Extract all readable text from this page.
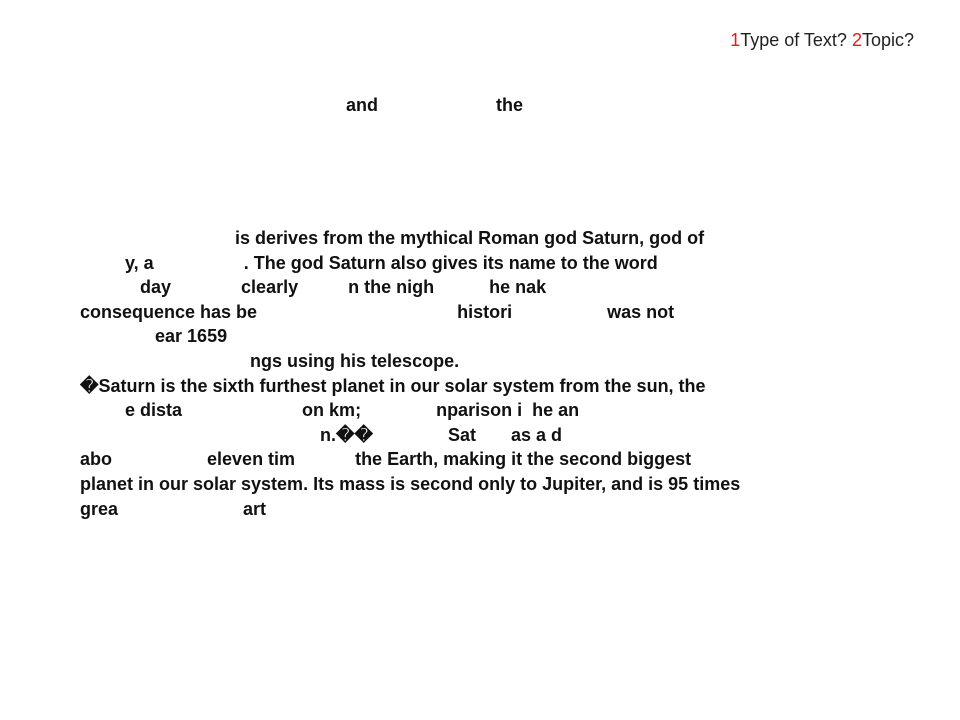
1Type of Text? 2Topic?
and	the
is derives from the mythical Roman god Saturn, god of
y, a                  . The god Saturn also gives its name to the word
day              clearly          n the nigh           he nak
consequence has be                                        histori                   was not
ear 1659
ngs using his telescope.
�Saturn is the sixth furthest planet in our solar system from the sun, the
e dista                        on km;               nparison i  he an
n.��               Sat       as a d
abo                   eleven tim            the Earth, making it the second biggest
planet in our solar system. Its mass is second only to Jupiter, and is 95 times
grea                         art
